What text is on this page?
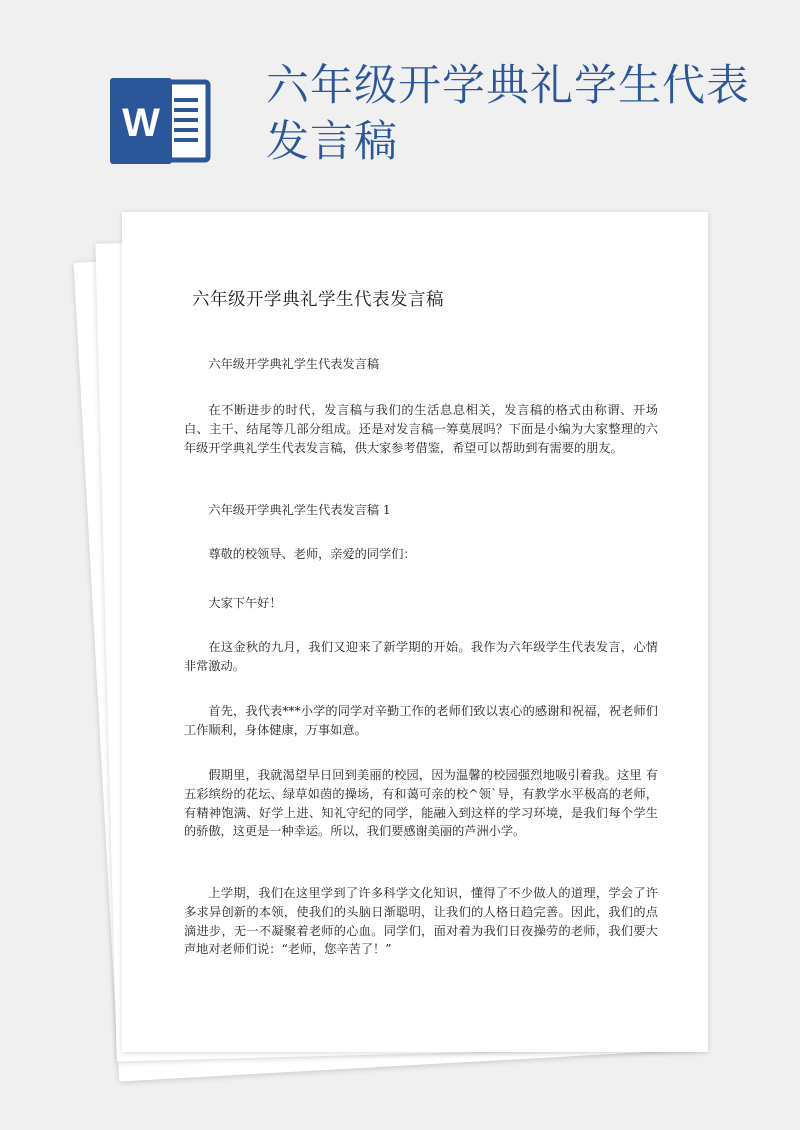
W
六年级开学典礼学生代表发言稿
六年级开学典礼学生代表发言稿

六年级开学典礼学生代表发言稿

在不断进步的时代，发言稿与我们的生活息息相关，发言稿的格式由称谓、开场白、主干、结尾等几部分组成。还是对发言稿一筹莫展吗？下面是小编为大家整理的六年级开学典礼学生代表发言稿，供大家参考借鉴，希望可以帮助到有需要的朋友。

六年级开学典礼学生代表发言稿 1

尊敬的校领导、老师，亲爱的同学们：

大家下午好！

在这金秋的九月，我们又迎来了新学期的开始。我作为六年级学生代表发言，心情非常激动。

首先，我代表***小学的同学对辛勤工作的老师们致以衷心的感谢和祝福，祝老师们工作顺利，身体健康，万事如意。

假期里，我就渴望早日回到美丽的校园，因为温馨的校园强烈地吸引着我。这里 有五彩缤纷的花坛、绿草如茵的操场，有和蔼可亲的校^领`导，有教学水平极高的老师，有精神饱满、好学上进、知礼守纪的同学，能融入到这样的学习环境，是我们每个学生的骄傲，这更是一种幸运。所以，我们要感谢美丽的芦洲小学。

上学期，我们在这里学到了许多科学文化知识，懂得了不少做人的道理，学会了许多求异创新的本领，使我们的头脑日渐聪明，让我们的人格日趋完善。因此，我们的点滴进步，无一不凝聚着老师的心血。同学们，面对着为我们日夜操劳的老师，我们要大声地对老师们说：“老师，您辛苦了！”
